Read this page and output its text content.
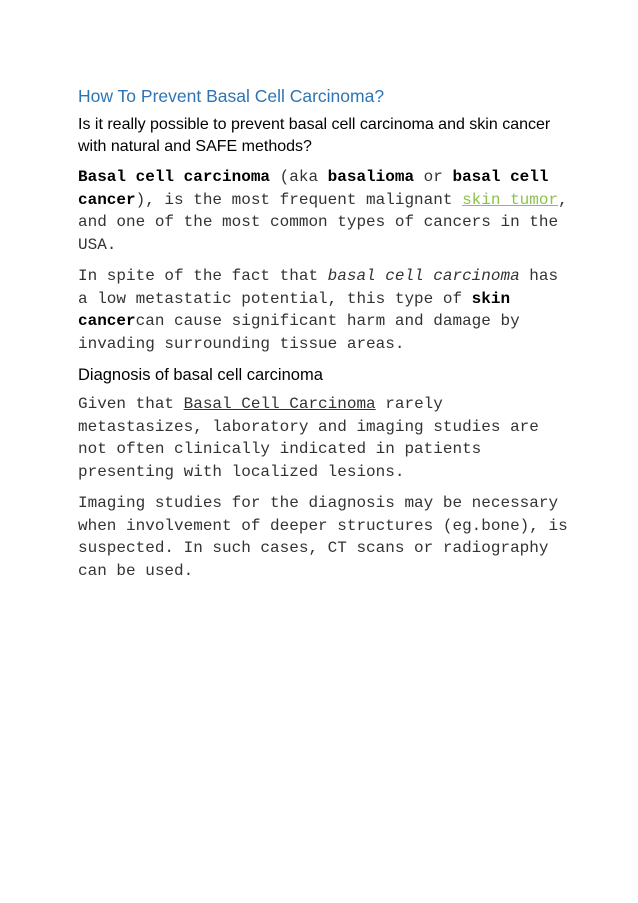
How To Prevent Basal Cell Carcinoma?

Is it really possible to prevent basal cell carcinoma and skin cancer with natural and SAFE methods?

Basal cell carcinoma (aka basalioma or basal cell cancer), is the most frequent malignant skin tumor, and one of the most common types of cancers in the USA.

In spite of the fact that basal cell carcinoma has a low metastatic potential, this type of skin cancercan cause significant harm and damage by invading surrounding tissue areas.

Diagnosis of basal cell carcinoma

Given that Basal Cell Carcinoma rarely metastasizes, laboratory and imaging studies are not often clinically indicated in patients presenting with localized lesions.

Imaging studies for the diagnosis may be necessary when involvement of deeper structures (eg.bone), is suspected. In such cases, CT scans or radiography can be used.
